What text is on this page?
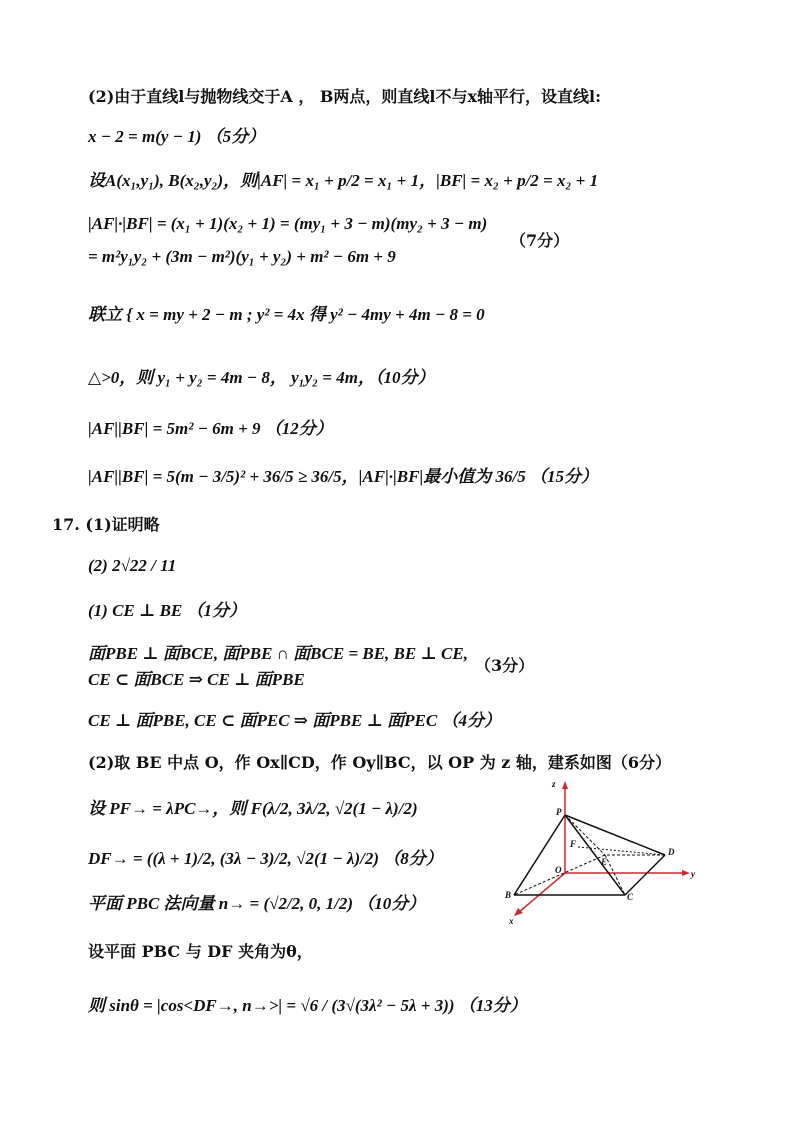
(2)由于直线l与抛物线交于A ， B两点，则直线l不与x轴平行，设直线l:
x − 2 = m(y − 1) （5分）
设A(x₁,y₁), B(x₂,y₂)，则|AF| = x₁ + p/2 = x₁ + 1，|BF| = x₂ + p/2 = x₂ + 1
|AF|·|BF| = (x₁ + 1)(x₂ + 1) = (my₁ + 3 − m)(my₂ + 3 − m)
= m²y₁y₂ + (3m − m²)(y₁ + y₂) + m² − 6m + 9
（7分）
联立 { x = my + 2 − m ; y² = 4x 得 y² − 4my + 4m − 8 = 0
△>0，则 y₁ + y₂ = 4m − 8， y₁y₂ = 4m，（10分）
|AF||BF| = 5m² − 6m + 9 （12分）
|AF||BF| = 5(m − 3/5)² + 36/5 ≥ 36/5，|AF|·|BF|最小值为 36/5 （15分）
17. (1)证明略
(2) 2√22 / 11
(1) CE ⊥ BE （1分）
面PBE ⊥ 面BCE, 面PBE ∩ 面BCE = BE, BE ⊥ CE,
CE ⊂ 面BCE ⇒ CE ⊥ 面PBE
（3分）
CE ⊥ 面PBE, CE ⊂ 面PEC ⇒ 面PBE ⊥ 面PEC （4分）
(2)取 BE 中点 O，作 Ox∥CD，作 Oy∥BC，以 OP 为 z 轴，建系如图（6分）
设 PF→ = λPC→，则 F(λ/2, 3λ/2, √2(1 − λ)/2)
DF→ = ((λ + 1)/2, (3λ − 3)/2, √2(1 − λ)/2) （8分）
平面 PBC 法向量 n→ = (√2/2, 0, 1/2) （10分）
设平面 PBC 与 DF 夹角为θ，
则 sinθ = |cos<DF→, n→>| = √6 / (3√(3λ² − 5λ + 3)) （13分）
z
P
F
E
D
O
B	C
x
y
